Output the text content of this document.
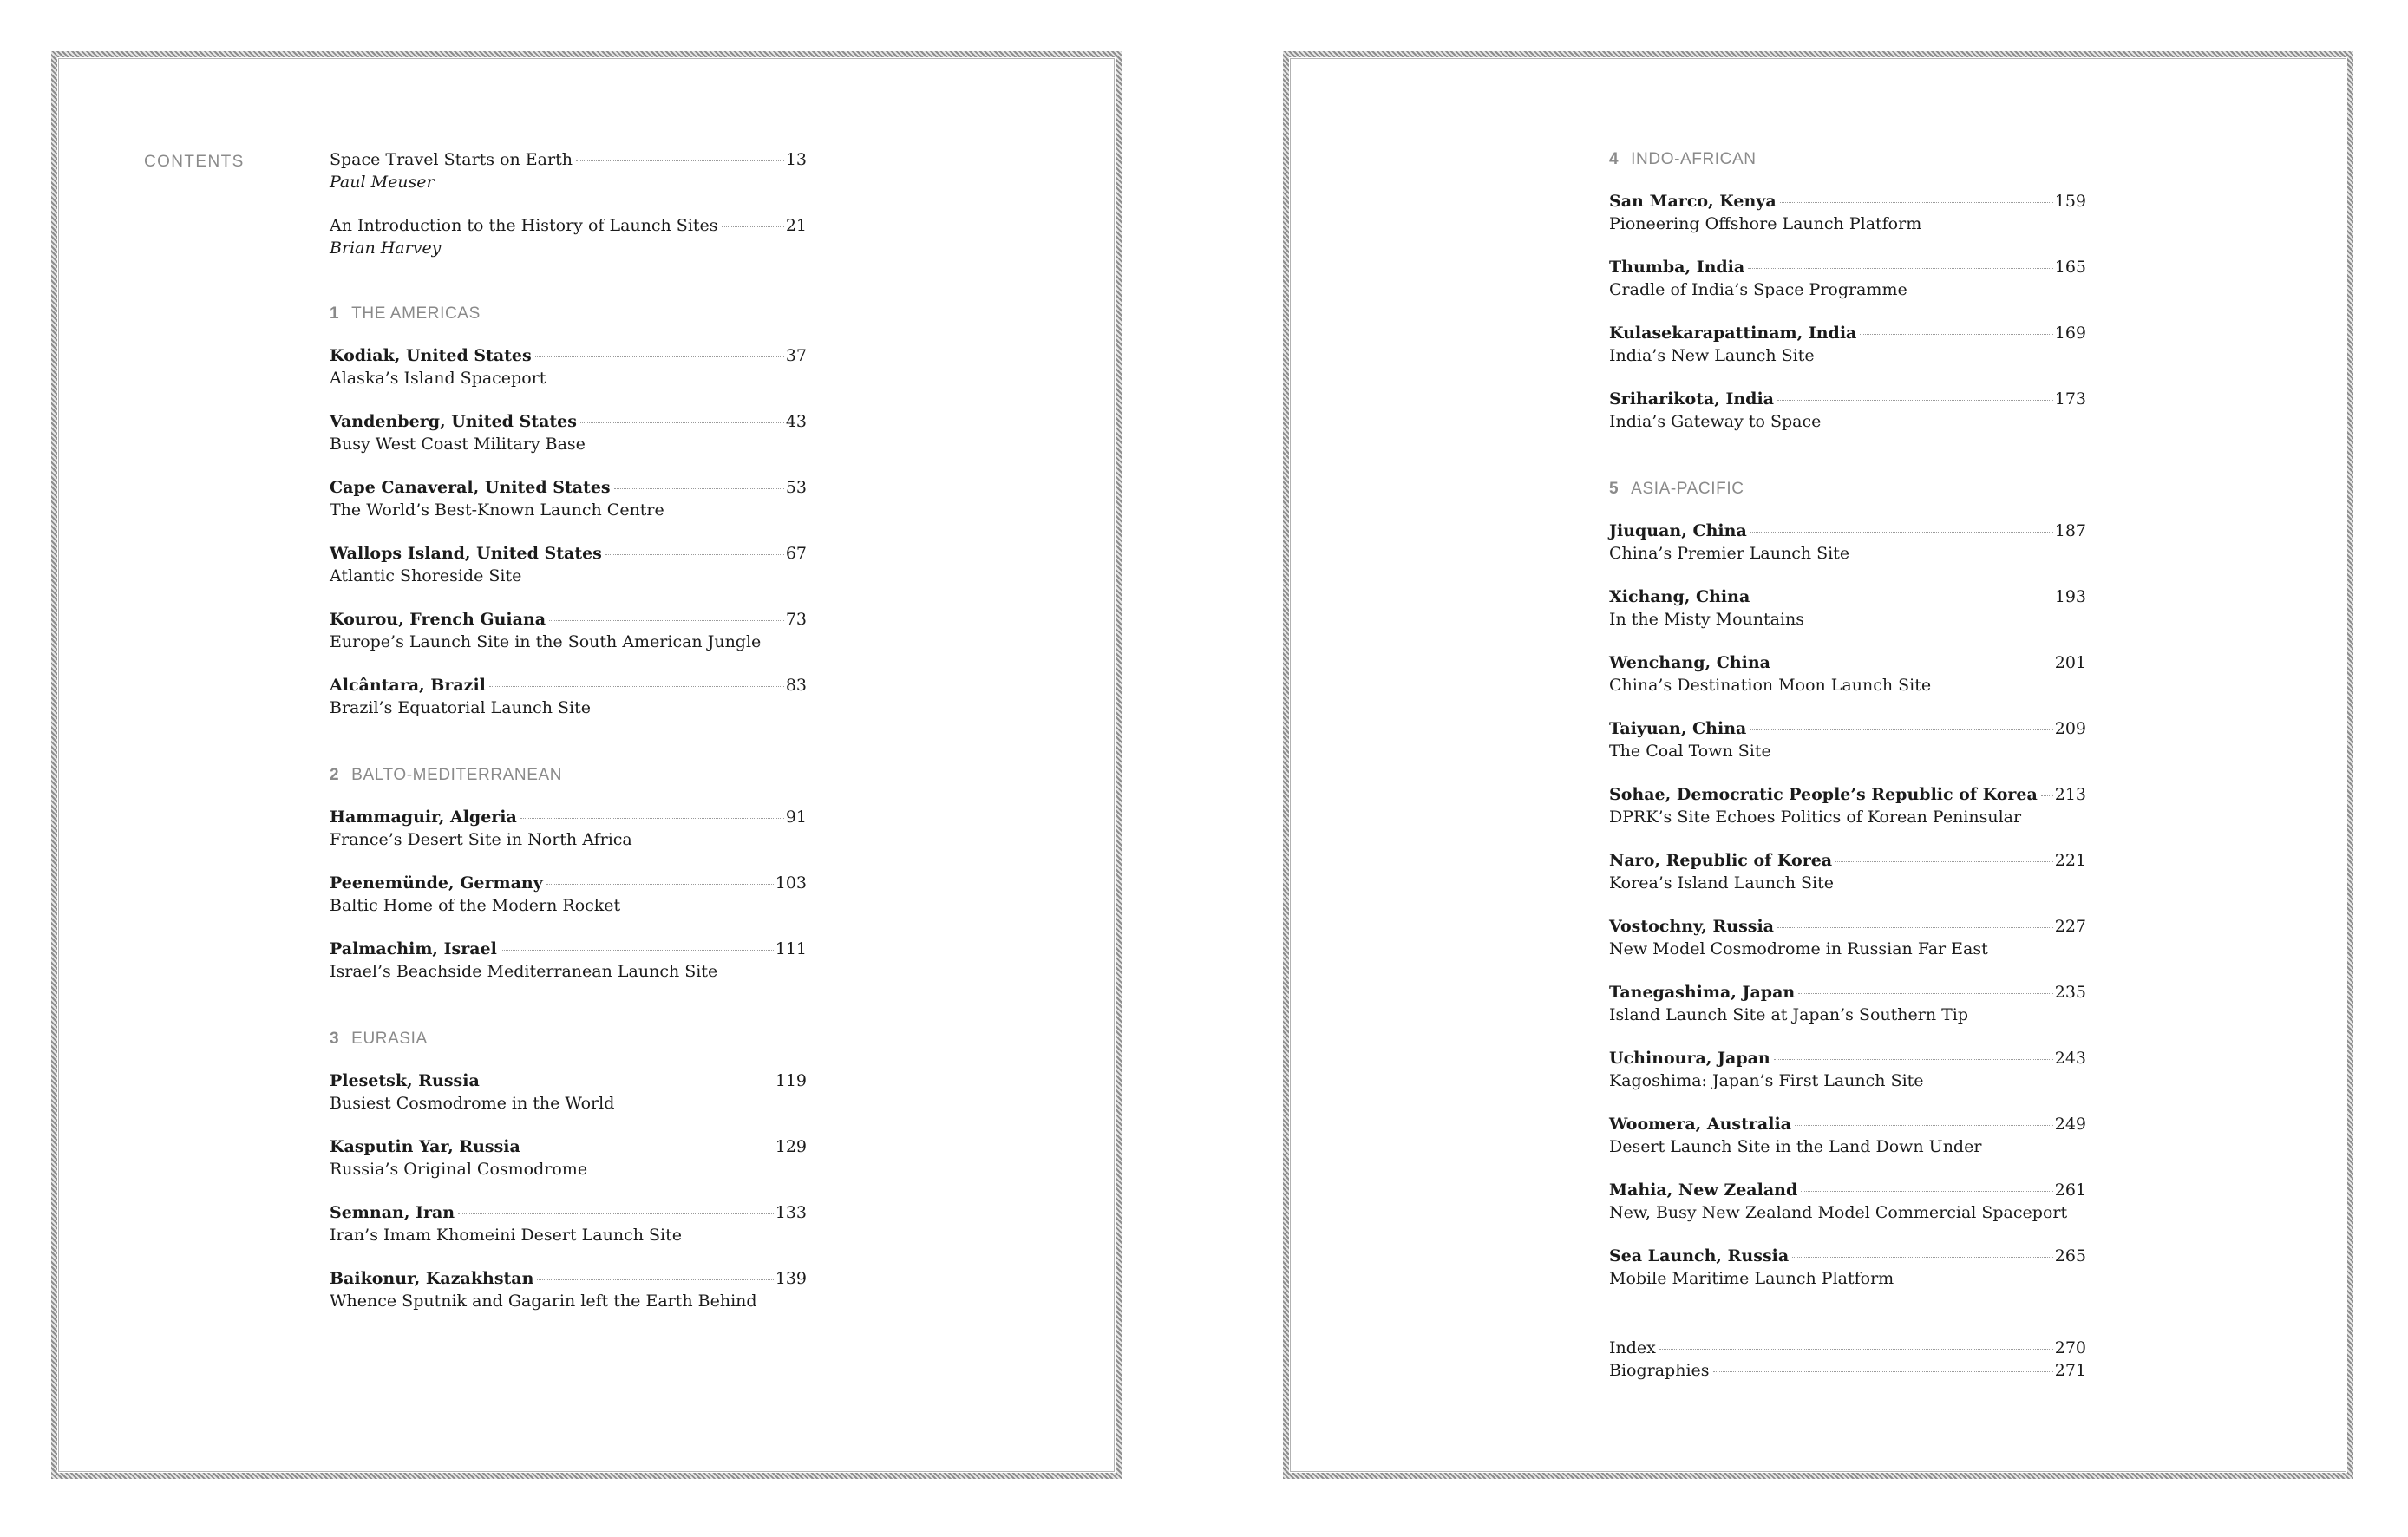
CONTENTS	Space Travel Starts on Earth	13
Paul Meuser
An Introduction to the History of Launch Sites	21
Brian Harvey
1 THE AMERICAS
Kodiak, United States	37
Alaska’s Island Spaceport
Vandenberg, United States	43
Busy West Coast Military Base
Cape Canaveral, United States	53
The World’s Best-Known Launch Centre
Wallops Island, United States	67
Atlantic Shoreside Site
Kourou, French Guiana	73
Europe’s Launch Site in the South American Jungle
Alcântara, Brazil	83
Brazil’s Equatorial Launch Site
2 BALTO-MEDITERRANEAN
Hammaguir, Algeria	91
France’s Desert Site in North Africa
Peenemünde, Germany	103
Baltic Home of the Modern Rocket
Palmachim, Israel	111
Israel’s Beachside Mediterranean Launch Site
3 EURASIA
Plesetsk, Russia	119
Busiest Cosmodrome in the World
Kasputin Yar, Russia	129
Russia’s Original Cosmodrome
Semnan, Iran	133
Iran’s Imam Khomeini Desert Launch Site
Baikonur, Kazakhstan	139
Whence Sputnik and Gagarin left the Earth Behind
4 INDO-AFRICAN
San Marco, Kenya	159
Pioneering Offshore Launch Platform
Thumba, India	165
Cradle of India’s Space Programme
Kulasekarapattinam, India	169
India’s New Launch Site
Sriharikota, India	173
India’s Gateway to Space
5 ASIA-PACIFIC
Jiuquan, China	187
China’s Premier Launch Site
Xichang, China	193
In the Misty Mountains
Wenchang, China	201
China’s Destination Moon Launch Site
Taiyuan, China	209
The Coal Town Site
Sohae, Democratic People’s Republic of Korea 213
DPRK’s Site Echoes Politics of Korean Peninsular
Naro, Republic of Korea	221
Korea’s Island Launch Site
Vostochny, Russia	227
New Model Cosmodrome in Russian Far East
Tanegashima, Japan	235
Island Launch Site at Japan’s Southern Tip
Uchinoura, Japan	243
Kagoshima: Japan’s First Launch Site
Woomera, Australia	249
Desert Launch Site in the Land Down Under
Mahia, New Zealand	261
New, Busy New Zealand Model Commercial Spaceport
Sea Launch, Russia	265
Mobile Maritime Launch Platform
Index	270
Biographies	271
